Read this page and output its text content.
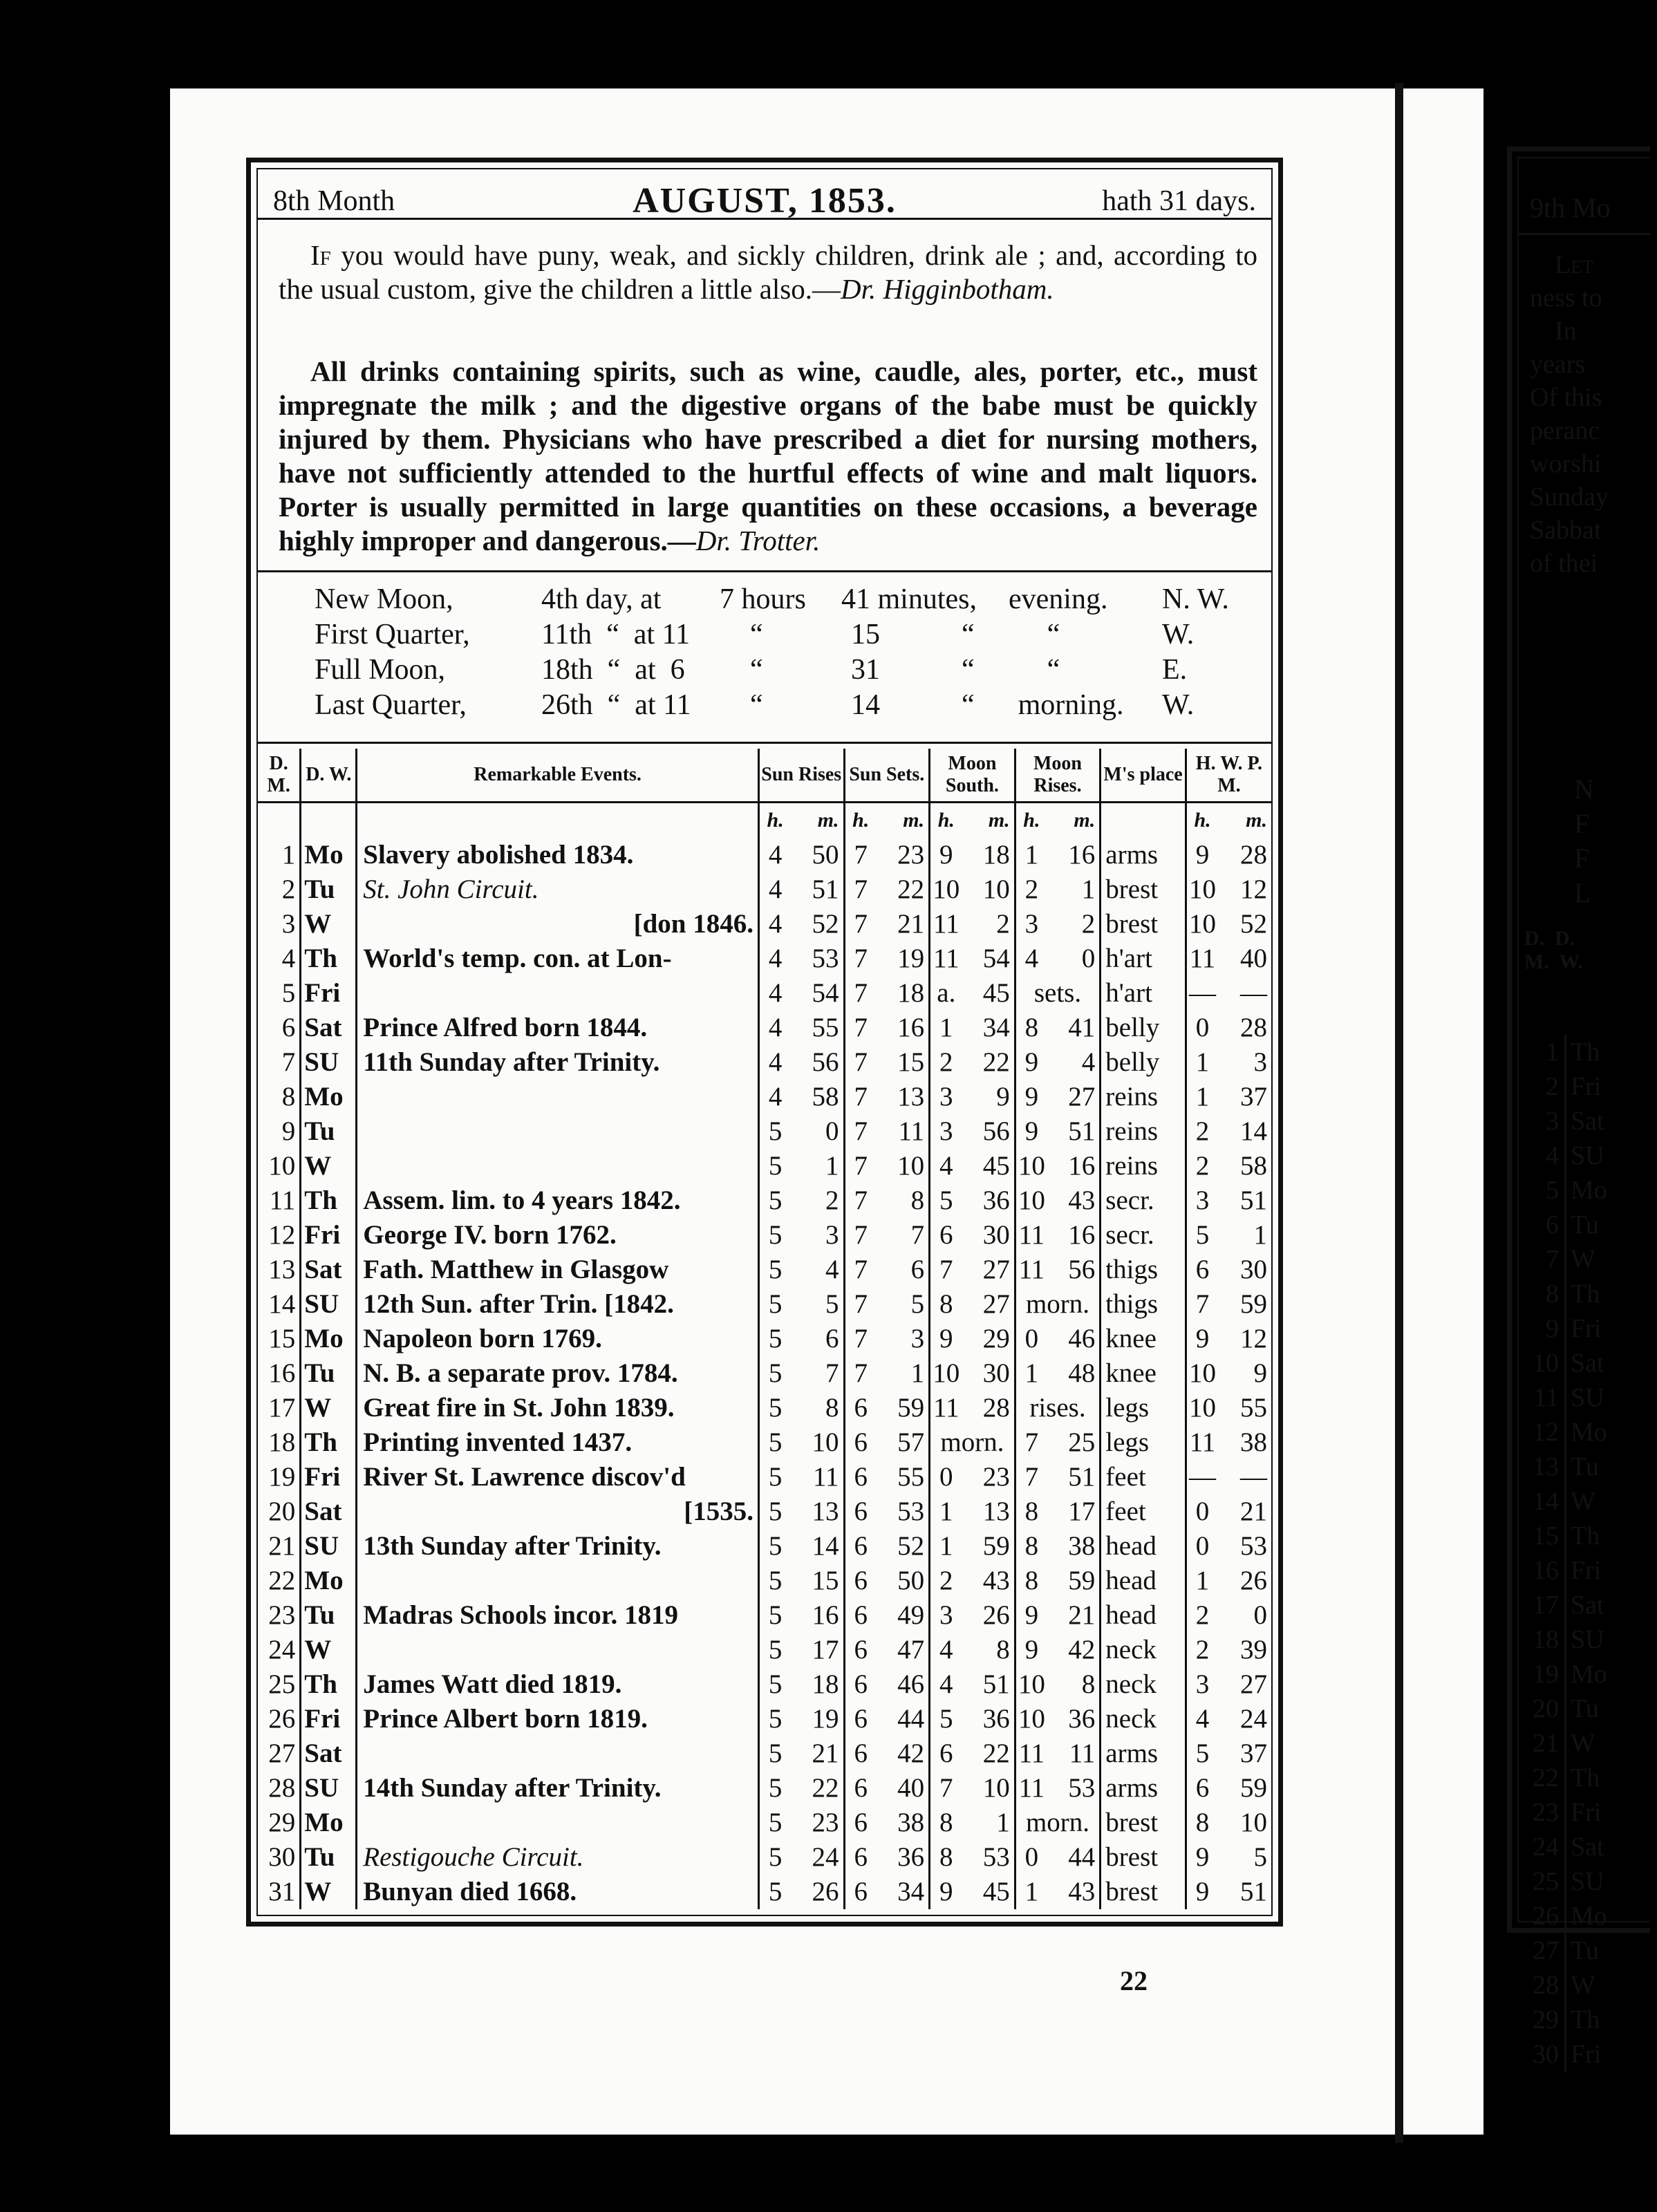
8th Month	AUGUST, 1853.	hath 31 days.
If you would have puny, weak, and sickly children, drink ale ; and, according to the usual custom, give the children a little also.—Dr. Higginbotham.
All drinks containing spirits, such as wine, caudle, ales, porter, etc., must impregnate the milk ; and the digestive organs of the babe must be quickly injured by them. Physicians who have prescribed a diet for nursing mothers, have not sufficiently attended to the hurtful effects of wine and malt liquors. Porter is usually permitted in large quantities on these occasions, a beverage highly improper and dangerous.—Dr. Trotter.
New Moon,	4th day, at 7 hours 41 minutes, evening. N. W.
First Quarter, 11th  “  at 11 “	15	“          “	W.
Full Moon,	18th  “  at  6 “	31	“          “	E.
Last Quarter,	26th  “  at 11 “	14	“      morning. W.
D. M.	D. W.	Remarkable Events.	Sun Rises		Sun Sets.		Moon South.		Moon Rises.		M's place	H. W. P. M.	
			h.	m.	h.	m.	h.	m.	h.	m.		h.	m.
1	Mo	Slavery abolished 1834.	4	50	7	23	9	18	1	16	arms	9	28
2	Tu	St. John Circuit.	4	51	7	22	10	10	2	1	brest	10	12
3	W	[don 1846.	4	52	7	21	11	2	3	2	brest	10	52
4	Th	World's temp. con. at Lon-	4	53	7	19	11	54	4	0	h'art	11	40
5	Fri		4	54	7	18	a.	45	sets.		h'art	—	—
6	Sat	Prince Alfred born 1844.	4	55	7	16	1	34	8	41	belly	0	28
7	SU	11th Sunday after Trinity.	4	56	7	15	2	22	9	4	belly	1	3
8	Mo		4	58	7	13	3	9	9	27	reins	1	37
9	Tu		5	0	7	11	3	56	9	51	reins	2	14
10	W		5	1	7	10	4	45	10	16	reins	2	58
11	Th	Assem. lim. to 4 years 1842.	5	2	7	8	5	36	10	43	secr.	3	51
12	Fri	George IV. born 1762.	5	3	7	7	6	30	11	16	secr.	5	1
13	Sat	Fath. Matthew in Glasgow	5	4	7	6	7	27	11	56	thigs	6	30
14	SU	12th Sun. after Trin. [1842.	5	5	7	5	8	27	morn.		thigs	7	59
15	Mo	Napoleon born 1769.	5	6	7	3	9	29	0	46	knee	9	12
16	Tu	N. B. a separate prov. 1784.	5	7	7	1	10	30	1	48	knee	10	9
17	W	Great fire in St. John 1839.	5	8	6	59	11	28	rises.		legs	10	55
18	Th	Printing invented 1437.	5	10	6	57	morn.		7	25	legs	11	38
19	Fri	River St. Lawrence discov'd	5	11	6	55	0	23	7	51	feet	—	—
20	Sat	[1535.	5	13	6	53	1	13	8	17	feet	0	21
21	SU	13th Sunday after Trinity.	5	14	6	52	1	59	8	38	head	0	53
22	Mo		5	15	6	50	2	43	8	59	head	1	26
23	Tu	Madras Schools incor. 1819	5	16	6	49	3	26	9	21	head	2	0
24	W		5	17	6	47	4	8	9	42	neck	2	39
25	Th	James Watt died 1819.	5	18	6	46	4	51	10	8	neck	3	27
26	Fri	Prince Albert born 1819.	5	19	6	44	5	36	10	36	neck	4	24
27	Sat		5	21	6	42	6	22	11	11	arms	5	37
28	SU	14th Sunday after Trinity.	5	22	6	40	7	10	11	53	arms	6	59
29	Mo		5	23	6	38	8	1	morn.		brest	8	10
30	Tu	Restigouche Circuit.	5	24	6	36	8	53	0	44	brest	9	5
31	W	Bunyan died 1668.	5	26	6	34	9	45	1	43	brest	9	51
22
9th Mo
Let
ness to
In
years
Of this
peranc
worshi
Sunday
Sabbat
of thei
N
F
F
L
D.  D.
M.  W.
1 Th
2 Fri
3 Sat
4 SU
5 Mo
6 Tu
7 W
8 Th
9 Fri
10 Sat
11 SU
12 Mo
13 Tu
14 W
15 Th
16 Fri
17 Sat
18 SU
19 Mo
20 Tu
21 W
22 Th
23 Fri
24 Sat
25 SU
26 Mo
27 Tu
28 W
29 Th
30 Fri
